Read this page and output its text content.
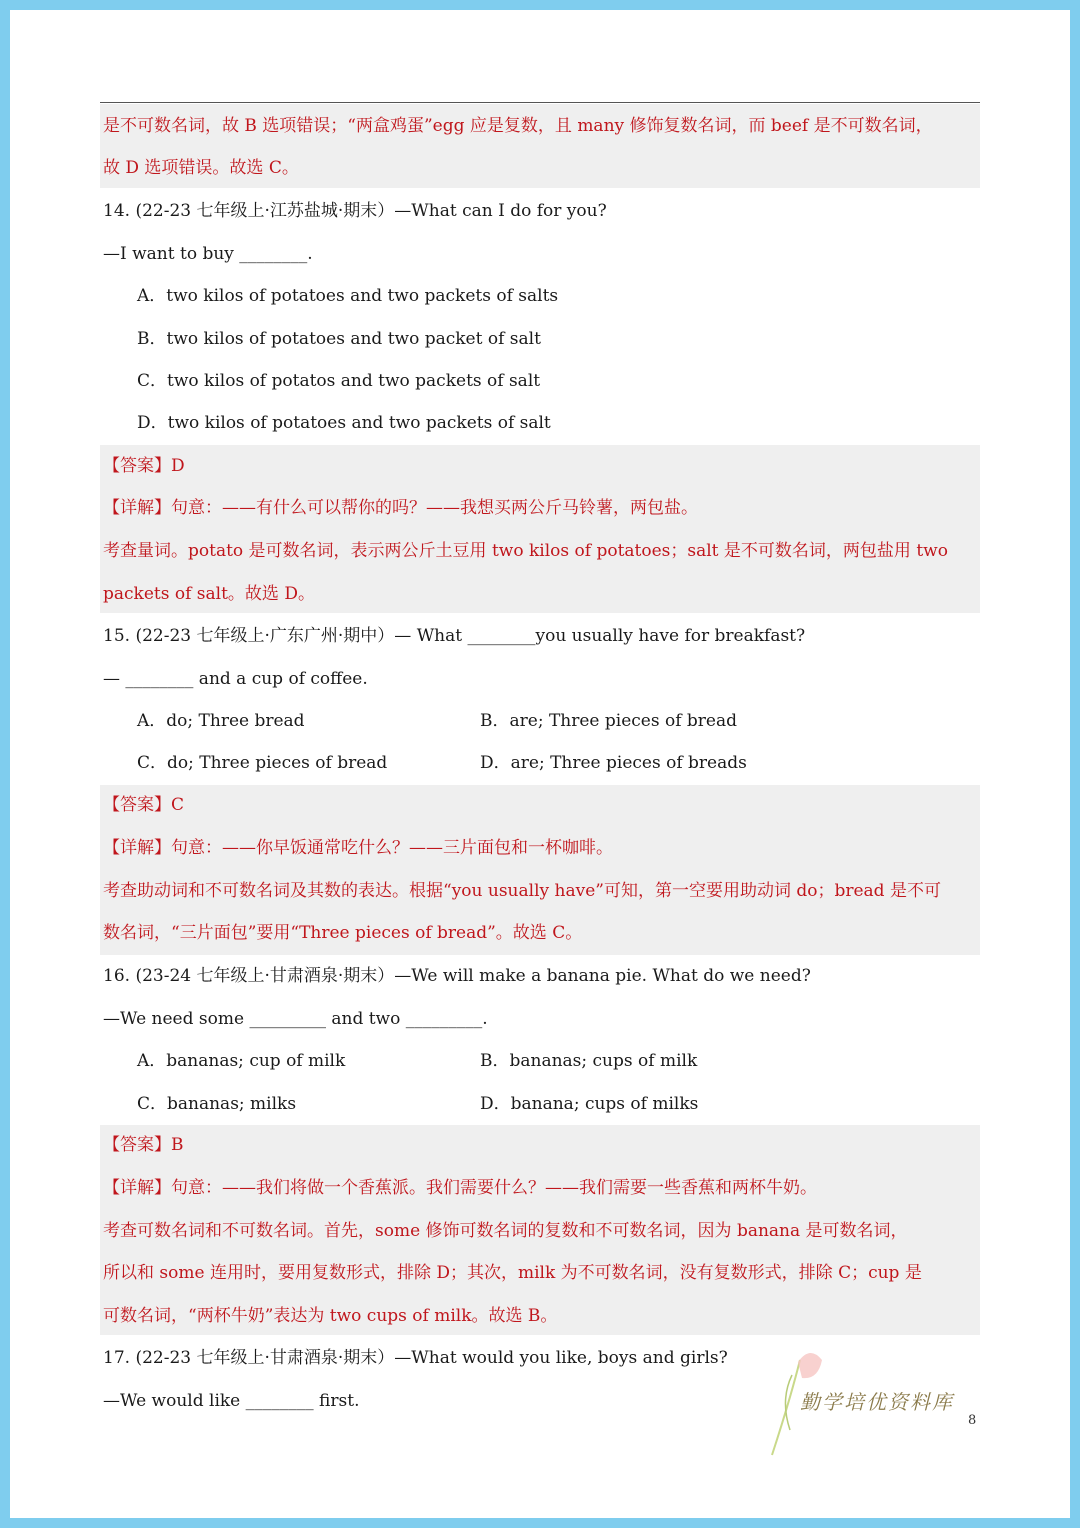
是不可数名词，故 B 选项错误；“两盒鸡蛋”egg 应是复数，且 many 修饰复数名词，而 beef 是不可数名词，
故 D 选项错误。故选 C。
14. (22-23 七年级上·江苏盐城·期末）—What can I do for you?
—I want to buy ________.
A．two kilos of potatoes and two packets of salts
B．two kilos of potatoes and two packet of salt
C．two kilos of potatos and two packets of salt
D．two kilos of potatoes and two packets of salt
【答案】D
【详解】句意：——有什么可以帮你的吗？——我想买两公斤马铃薯，两包盐。
考查量词。potato 是可数名词，表示两公斤土豆用 two kilos of potatoes；salt 是不可数名词，两包盐用 two
packets of salt。故选 D。
15. (22-23 七年级上·广东广州·期中）— What ________you usually have for breakfast?
— ________ and a cup of coffee.
A．do; Three bread	B．are; Three pieces of bread
C．do; Three pieces of bread	D．are; Three pieces of breads
【答案】C
【详解】句意：——你早饭通常吃什么？——三片面包和一杯咖啡。
考查助动词和不可数名词及其数的表达。根据“you usually have”可知，第一空要用助动词 do；bread 是不可
数名词，“三片面包”要用“Three pieces of bread”。故选 C。
16. (23-24 七年级上·甘肃酒泉·期末）—We will make a banana pie. What do we need?
—We need some _________ and two _________.
A．bananas; cup of milk	B．bananas; cups of milk
C．bananas; milks	D．banana; cups of milks
【答案】B
【详解】句意：——我们将做一个香蕉派。我们需要什么？——我们需要一些香蕉和两杯牛奶。
考查可数名词和不可数名词。首先，some 修饰可数名词的复数和不可数名词，因为 banana 是可数名词，
所以和 some 连用时，要用复数形式，排除 D；其次，milk 为不可数名词，没有复数形式，排除 C；cup 是
可数名词，“两杯牛奶”表达为 two cups of milk。故选 B。
17. (22-23 七年级上·甘肃酒泉·期末）—What would you like, boys and girls?
—We would like ________ first.	勤学培优资料库
8
